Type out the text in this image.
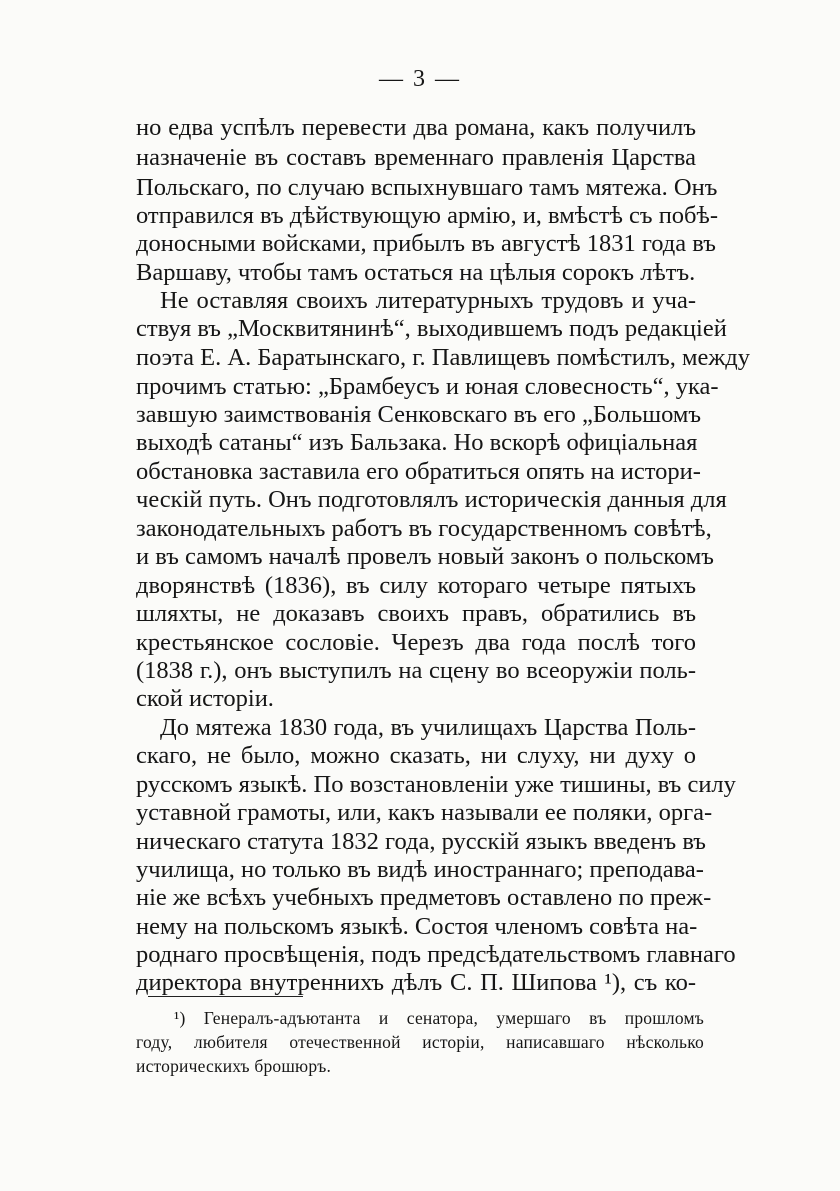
— 3 —
но едва успѣлъ перевести два романа, какъ получилъ
назначеніе въ составъ временнаго правленія Царства
Польскаго, по случаю вспыхнувшаго тамъ мятежа. Онъ
отправился въ дѣйствующую армію, и, вмѣстѣ съ побѣ-
доносными войсками, прибылъ въ августѣ 1831 года въ
Варшаву, чтобы тамъ остаться на цѣлыя сорокъ лѣтъ.
Не оставляя своихъ литературныхъ трудовъ и уча-
ствуя въ „Москвитянинѣ“, выходившемъ подъ редакціей
поэта Е. А. Баратынскаго, г. Павлищевъ помѣстилъ, между
прочимъ статью: „Брамбеусъ и юная словесность“, ука-
завшую заимствованія Сенковскаго въ его „Большомъ
выходѣ сатаны“ изъ Бальзака. Но вскорѣ офиціальная
обстановка заставила его обратиться опять на истори-
ческій путь. Онъ подготовлялъ историческія данныя для
законодательныхъ работъ въ государственномъ совѣтѣ,
и въ самомъ началѣ провелъ новый законъ о польскомъ
дворянствѣ (1836), въ силу котораго четыре пятыхъ
шляхты, не доказавъ своихъ правъ, обратились въ
крестьянское сословіе. Черезъ два года послѣ того
(1838 г.), онъ выступилъ на сцену во всеоружіи поль-
ской исторіи.
До мятежа 1830 года, въ училищахъ Царства Поль-
скаго, не было, можно сказать, ни слуху, ни духу о
русскомъ языкѣ. По возстановленіи уже тишины, въ силу
уставной грамоты, или, какъ называли ее поляки, орга-
ническаго статута 1832 года, русскій языкъ введенъ въ
училища, но только въ видѣ иностраннаго; преподава-
ніе же всѣхъ учебныхъ предметовъ оставлено по преж-
нему на польскомъ языкѣ. Состоя членомъ совѣта на-
роднаго просвѣщенія, подъ предсѣдательствомъ главнаго
директора внутреннихъ дѣлъ С. П. Шипова ¹), съ ко-
¹) Генералъ-адъютанта и сенатора, умершаго въ прошломъ
году, любителя отечественной исторіи, написавшаго нѣсколько
историческихъ брошюръ.
